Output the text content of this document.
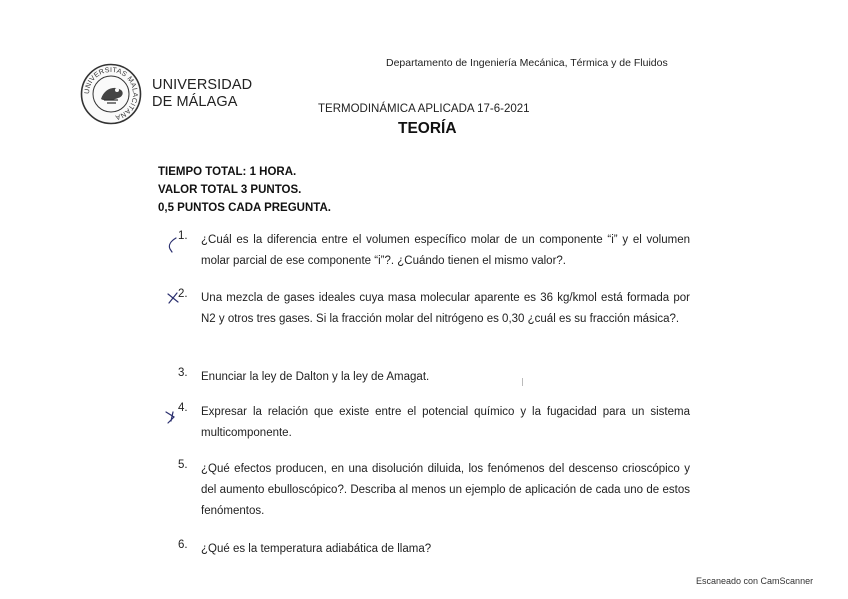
UNIVERSITAS MALACITANA
UNIVERSIDAD
DE MÁLAGA
Departamento de Ingeniería Mecánica, Térmica y de Fluidos
TERMODINÁMICA APLICADA 17-6-2021
TEORÍA
TIEMPO TOTAL: 1 HORA.
VALOR TOTAL 3 PUNTOS.
0,5 PUNTOS CADA PREGUNTA.
1.	¿Cuál es la diferencia entre el volumen específico molar de un componente “i” y el volumen molar parcial de ese componente “i”?. ¿Cuándo tienen el mismo valor?.
2.	Una mezcla de gases ideales cuya masa molecular aparente es 36 kg/kmol está formada por N2 y otros tres gases. Si la fracción molar del nitrógeno es 0,30 ¿cuál es su fracción másica?.
3.	Enunciar la ley de Dalton y la ley de Amagat.
4.	Expresar la relación que existe entre el potencial químico y la fugacidad para un sistema multicomponente.
5.	¿Qué efectos producen, en una disolución diluida, los fenómenos del descenso crioscópico y del aumento ebulloscópico?. Describa al menos un ejemplo de aplicación de cada uno de estos fenómentos.
6.	¿Qué es la temperatura adiabática de llama?
Escaneado con CamScanner
